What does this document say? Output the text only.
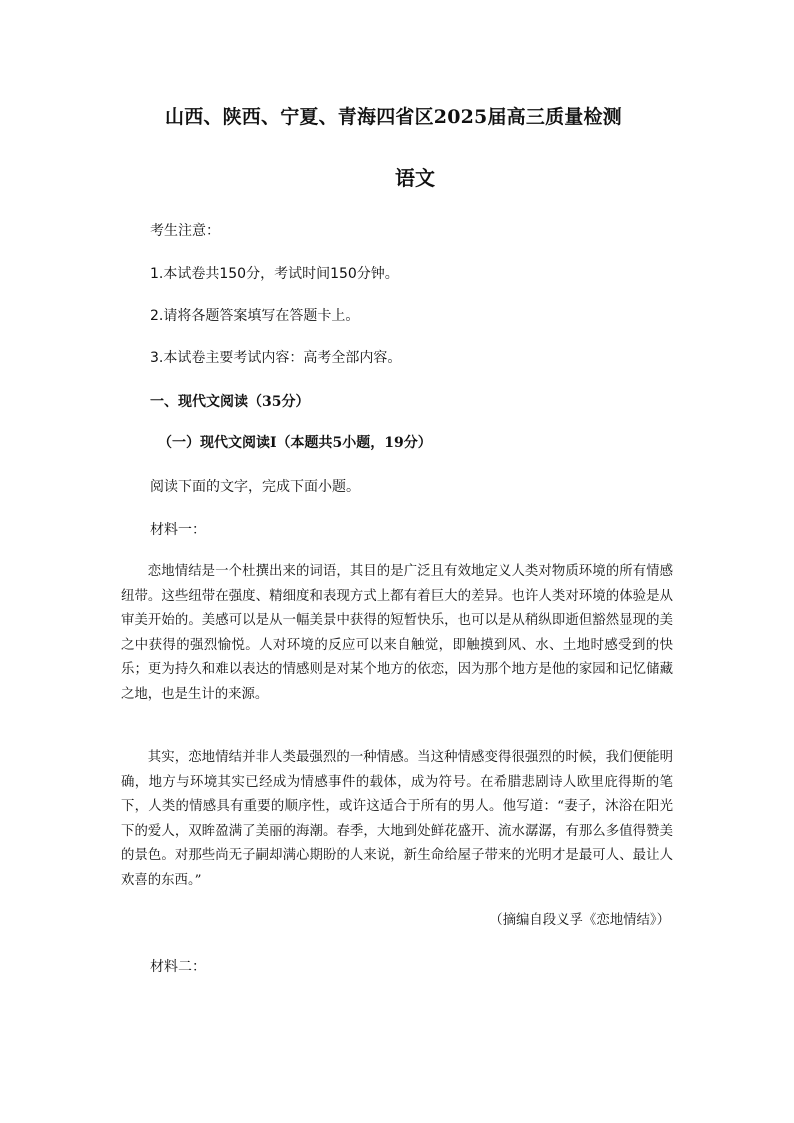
山西、陕西、宁夏、青海四省区2025届高三质量检测
语文
考生注意：
1.本试卷共150分，考试时间150分钟。
2.请将各题答案填写在答题卡上。
3.本试卷主要考试内容：高考全部内容。
一、现代文阅读（35分）
（一）现代文阅读Ⅰ（本题共5小题，19分）
阅读下面的文字，完成下面小题。
材料一：

恋地情结是一个杜撰出来的词语，其目的是广泛且有效地定义人类对物质环境的所有情感纽带。这些纽带在强度、精细度和表现方式上都有着巨大的差异。也许人类对环境的体验是从审美开始的。美感可以是从一幅美景中获得的短暂快乐，也可以是从稍纵即逝但豁然显现的美之中获得的强烈愉悦。人对环境的反应可以来自触觉，即触摸到风、水、土地时感受到的快乐；更为持久和难以表达的情感则是对某个地方的依恋，因为那个地方是他的家园和记忆储藏之地，也是生计的来源。

其实，恋地情结并非人类最强烈的一种情感。当这种情感变得很强烈的时候，我们便能明确，地方与环境其实已经成为情感事件的载体，成为符号。在希腊悲剧诗人欧里庇得斯的笔下，人类的情感具有重要的顺序性，或许这适合于所有的男人。他写道：“妻子，沐浴在阳光下的爱人，双眸盈满了美丽的海潮。春季，大地到处鲜花盛开、流水潺潺，有那么多值得赞美的景色。对那些尚无子嗣却满心期盼的人来说，新生命给屋子带来的光明才是最可人、最让人欢喜的东西。”

（摘编自段义孚《恋地情结》）
材料二：
